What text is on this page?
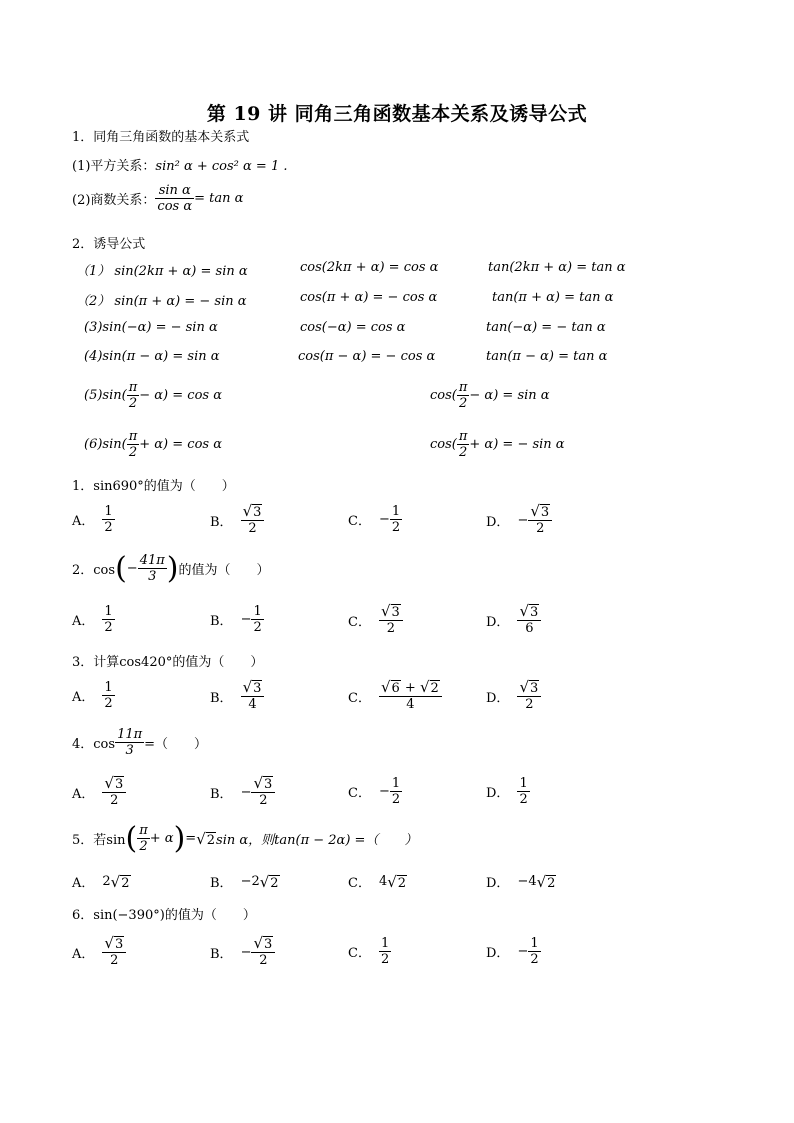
第 19 讲 同角三角函数基本关系及诱导公式
1．同角三角函数的基本关系式
(1)平方关系：sin² α + cos² α = 1 .
(2)商数关系： $\frac{\text{sin α}}{\text{cos α}} = \tan \alpha$
2．诱导公式
（1） sin(2kπ + α) = sin α	cos(2kπ + α) = cos α	tan(2kπ + α) = tan α
（2） sin(π + α) = − sin α	cos(π + α) = − cos α	tan(π + α) = tan α
(3)sin(−α) = − sin α	cos(−α) = cos α	tan(−α) = − tan α
(4)sin(π − α) = sin α	cos(π − α) = − cos α	tan(π − α) = tan α
$(5)\sin( \frac{\pi}{2} - \alpha) = \cos \alpha$	$\cos( \frac{\pi}{2} - \alpha) = \sin \alpha$
$(6)\sin( \frac{\pi}{2} + \alpha) = \cos \alpha$	$\cos( \frac{\pi}{2} + \alpha)$ = − sin α
1．sin690°的值为（　　）
A． $\frac{1}{2}$	B． $\frac{√3}{2}$	C． − $\frac{1}{2}$	D． − $\frac{√3}{2}$
2．cos ( − $\frac{41\pi}{3}$ ) 的值为（　　）
A． $\frac{1}{2}$	B． − $\frac{1}{2}$	C． $\frac{√3}{2}$	D． $\frac{√3}{6}$
3．计算cos420°的值为（　　）
A． $\frac{1}{2}$	B． $\frac{√3}{4}$	C． $\frac{√6 + √2}{4}$	D． $\frac{√3}{2}$
4．$\cos \frac{11\pi}{3}$ =（　　）
A． $\frac{√3}{2}$	B． − $\frac{√3}{2}$	C． − $\frac{1}{2}$	D． $\frac{1}{2}$
5．若sin ( $\frac{\pi}{2} + \alpha$ ) = √2 sin α，则tan(π − 2α) =（　　）
A． 2 √2	B． −2 √2	C． 4 √2	D． −4 √2
6．sin(−390°)的值为（　　）
A． $\frac{√3}{2}$	B． − $\frac{√3}{2}$	C． $\frac{1}{2}$	D． − $\frac{1}{2}$
